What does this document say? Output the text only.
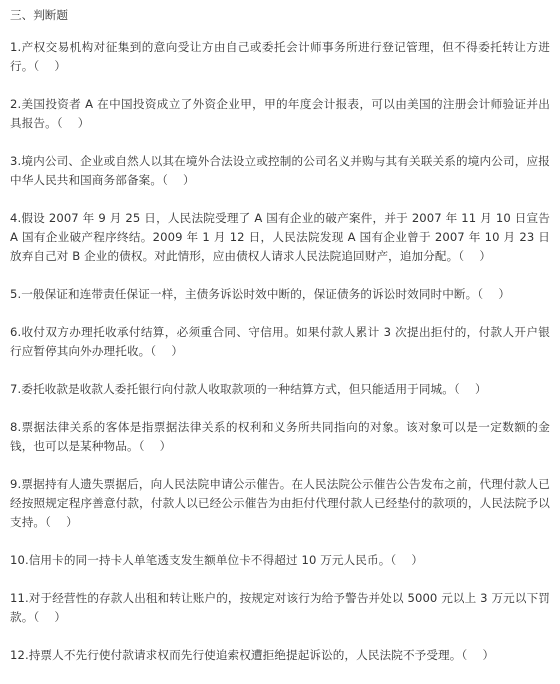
三、判断题

1.产权交易机构对征集到的意向受让方由自己或委托会计师事务所进行登记管理，但不得委托转让方进行。（    ）

2.美国投资者 A 在中国投资成立了外资企业甲，甲的年度会计报表，可以由美国的注册会计师验证并出具报告。（    ）

3.境内公司、企业或自然人以其在境外合法设立或控制的公司名义并购与其有关联关系的境内公司，应报中华人民共和国商务部备案。（    ）

4.假设 2007 年 9 月 25 日，人民法院受理了 A 国有企业的破产案件，并于 2007 年 11 月 10 日宣告 A 国有企业破产程序终结。2009 年 1 月 12 日，人民法院发现 A 国有企业曾于 2007 年 10 月 23 日放弃自己对 B 企业的债权。对此情形，应由债权人请求人民法院追回财产，追加分配。（    ）

5.一般保证和连带责任保证一样，主债务诉讼时效中断的，保证债务的诉讼时效同时中断。（    ）

6.收付双方办理托收承付结算，必须重合同、守信用。如果付款人累计 3 次提出拒付的，付款人开户银行应暂停其向外办理托收。（    ）

7.委托收款是收款人委托银行向付款人收取款项的一种结算方式，但只能适用于同城。（    ）

8.票据法律关系的客体是指票据法律关系的权利和义务所共同指向的对象。该对象可以是一定数额的金钱，也可以是某种物品。（    ）

9.票据持有人遗失票据后，向人民法院申请公示催告。在人民法院公示催告公告发布之前，代理付款人已经按照规定程序善意付款，付款人以已经公示催告为由拒付代理付款人已经垫付的款项的，人民法院予以支持。（    ）

10.信用卡的同一持卡人单笔透支发生额单位卡不得超过 10 万元人民币。（    ）

11.对于经营性的存款人出租和转让账户的，按规定对该行为给予警告并处以 5000 元以上 3 万元以下罚款。（    ）

12.持票人不先行使付款请求权而先行使追索权遭拒绝提起诉讼的，人民法院不予受理。（    ）
